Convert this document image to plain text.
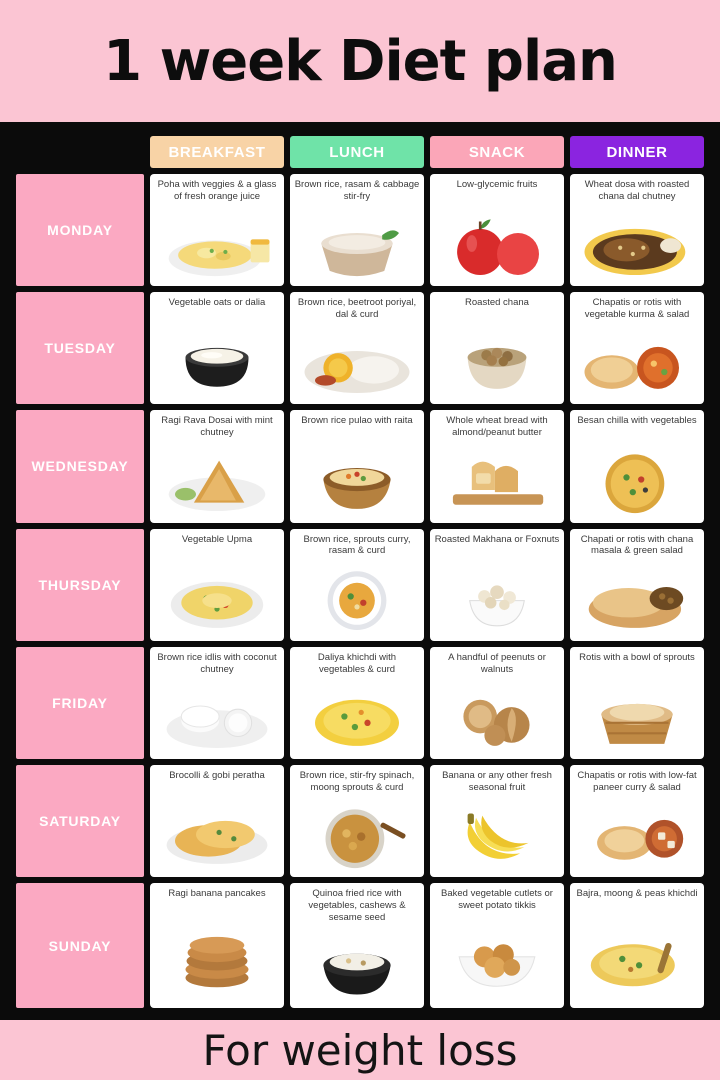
1 week Diet plan
	BREAKFAST	LUNCH	SNACK	DINNER
MONDAY	Poha with veggies & a glass of fresh orange juice	Brown rice, rasam & cabbage stir-fry	Low-glycemic fruits	Wheat dosa with roasted chana dal chutney

TUESDAY	Vegetable oats or dalia	Brown rice, beetroot poriyal, dal & curd	Roasted chana	Chapatis or rotis with vegetable kurma & salad

WEDNESDAY	Ragi Rava Dosai with mint chutney	Brown rice pulao with raita	Whole wheat bread with almond/peanut butter	Besan chilla with vegetables

THURSDAY	Vegetable Upma	Brown rice, sprouts curry, rasam & curd	Roasted Makhana or Foxnuts	Chapati or rotis with chana masala & green salad

FRIDAY	Brown rice idlis with coconut chutney	Daliya khichdi with vegetables & curd	A handful of peenuts or walnuts	Rotis with a bowl of sprouts

SATURDAY	Brocolli & gobi peratha	Brown rice, stir-fry spinach, moong sprouts & curd	Banana or any other fresh seasonal fruit	Chapatis or rotis with low-fat paneer curry & salad

SUNDAY	Ragi banana pancakes	Quinoa fried rice with vegetables, cashews & sesame seed	Baked vegetable cutlets or sweet potato tikkis	Bajra, moong & peas khichdi
For weight loss
